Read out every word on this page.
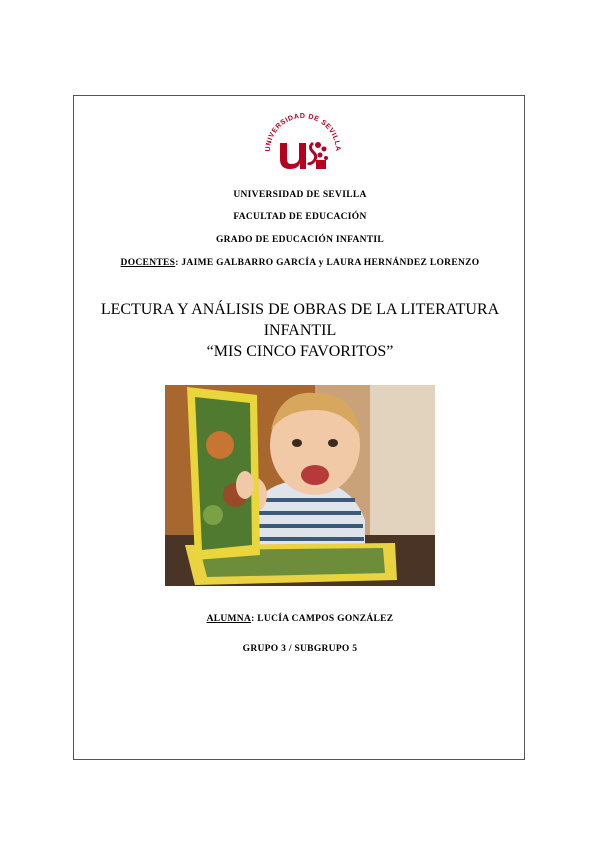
UNIVERSIDAD DE SEVILLA
UNIVERSIDAD DE SEVILLA
FACULTAD DE EDUCACIÓN
GRADO DE EDUCACIÓN INFANTIL
DOCENTES: JAIME GALBARRO GARCÍA y LAURA HERNÁNDEZ LORENZO
LECTURA Y ANÁLISIS DE OBRAS DE LA LITERATURA
INFANTIL
“MIS CINCO FAVORITOS”
ALUMNA: LUCÍA CAMPOS GONZÁLEZ
GRUPO 3 / SUBGRUPO 5
